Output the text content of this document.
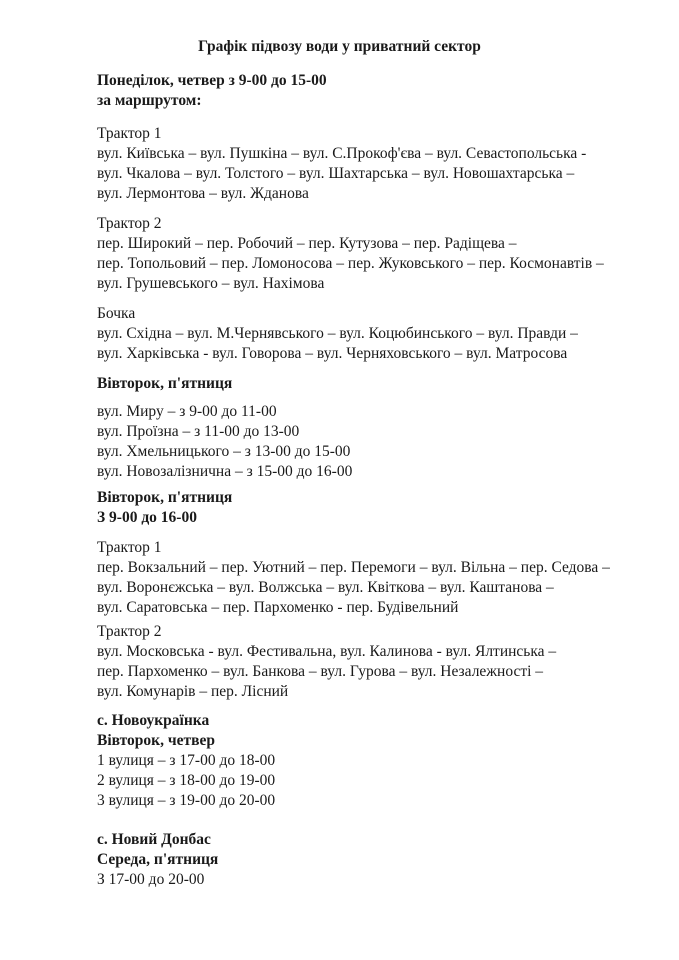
Графік підвозу води у приватний сектор
Понеділок, четвер з 9-00 до 15-00
за маршрутом:
Трактор 1
вул. Київська – вул. Пушкіна – вул. С.Прокоф'єва – вул. Севастопольська -
вул. Чкалова – вул. Толстого – вул. Шахтарська – вул. Новошахтарська –
вул. Лермонтова – вул. Жданова
Трактор 2
пер. Широкий – пер. Робочий – пер. Кутузова – пер. Радіщева –
пер. Топольовий – пер. Ломоносова – пер. Жуковського – пер. Космонавтів –
вул. Грушевського – вул. Нахімова
Бочка
вул. Східна – вул. М.Чернявського – вул. Коцюбинського – вул. Правди –
вул. Харківська - вул. Говорова – вул. Черняховського – вул. Матросова
Вівторок, п'ятниця
вул. Миру – з 9-00 до 11-00
вул. Проїзна – з 11-00 до 13-00
вул. Хмельницького – з 13-00 до 15-00
вул. Новозалізнична – з 15-00 до 16-00
Вівторок, п'ятниця
З 9-00 до 16-00
Трактор 1
пер. Вокзальний – пер. Уютний – пер. Перемоги – вул. Вільна – пер. Седова –
вул. Воронєжська – вул. Волжська – вул. Квіткова – вул. Каштанова –
вул. Саратовська – пер. Пархоменко - пер. Будівельний
Трактор 2
вул. Московська - вул. Фестивальна, вул. Калинова - вул. Ялтинська –
пер. Пархоменко – вул. Банкова – вул. Гурова – вул. Незалежності –
вул. Комунарів – пер. Лісний
с. Новоукраїнка
Вівторок, четвер
1 вулиця – з 17-00 до 18-00
2 вулиця – з 18-00 до 19-00
3 вулиця – з 19-00 до 20-00
с. Новий Донбас
Середа, п'ятниця
З 17-00 до 20-00
